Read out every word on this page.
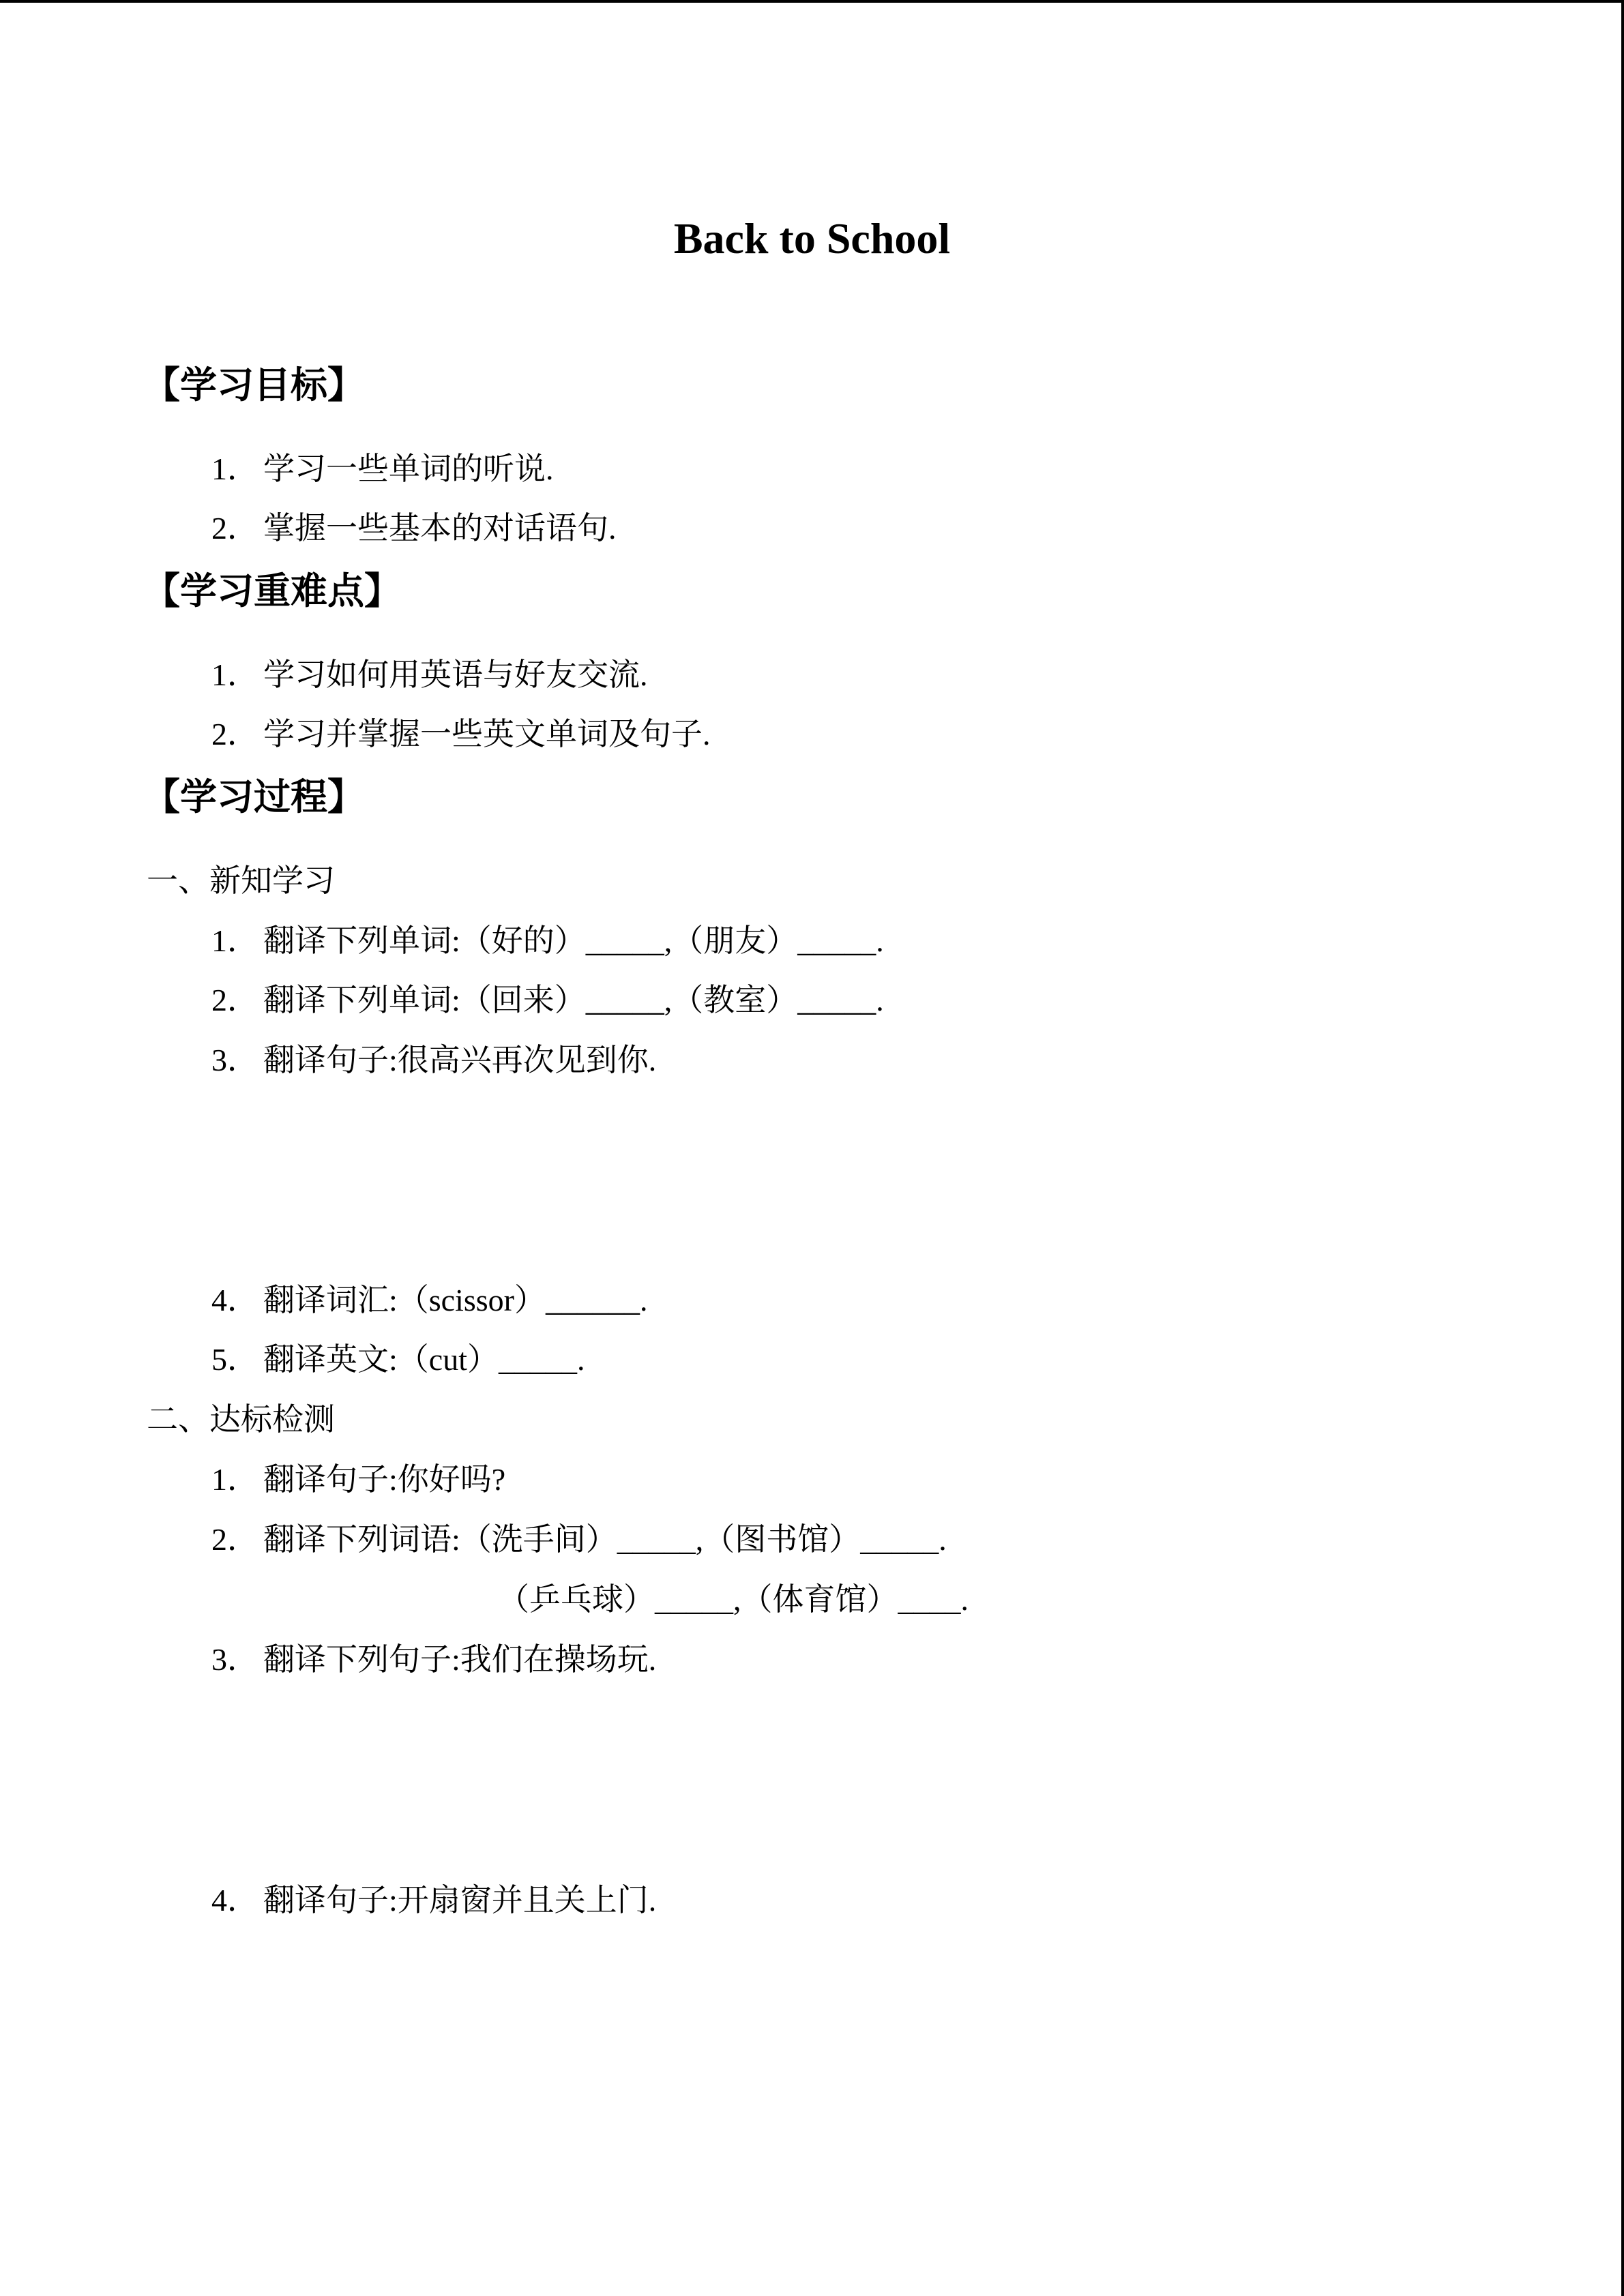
Back to School
【学习目标】
1． 学习一些单词的听说.
2． 掌握一些基本的对话语句.
【学习重难点】
1． 学习如何用英语与好友交流.
2． 学习并掌握一些英文单词及句子.
【学习过程】
一、新知学习
1． 翻译下列单词:（好的）_____,（朋友）_____.
2． 翻译下列单词:（回来）_____,（教室）_____.
3． 翻译句子:很高兴再次见到你.
4． 翻译词汇:（scissor）______.
5． 翻译英文:（cut）_____.
二、达标检测
1． 翻译句子:你好吗?
2． 翻译下列词语:（洗手间）_____,（图书馆）_____.
（乒乓球）_____,（体育馆）____.
3． 翻译下列句子:我们在操场玩.
4． 翻译句子:开扇窗并且关上门.
